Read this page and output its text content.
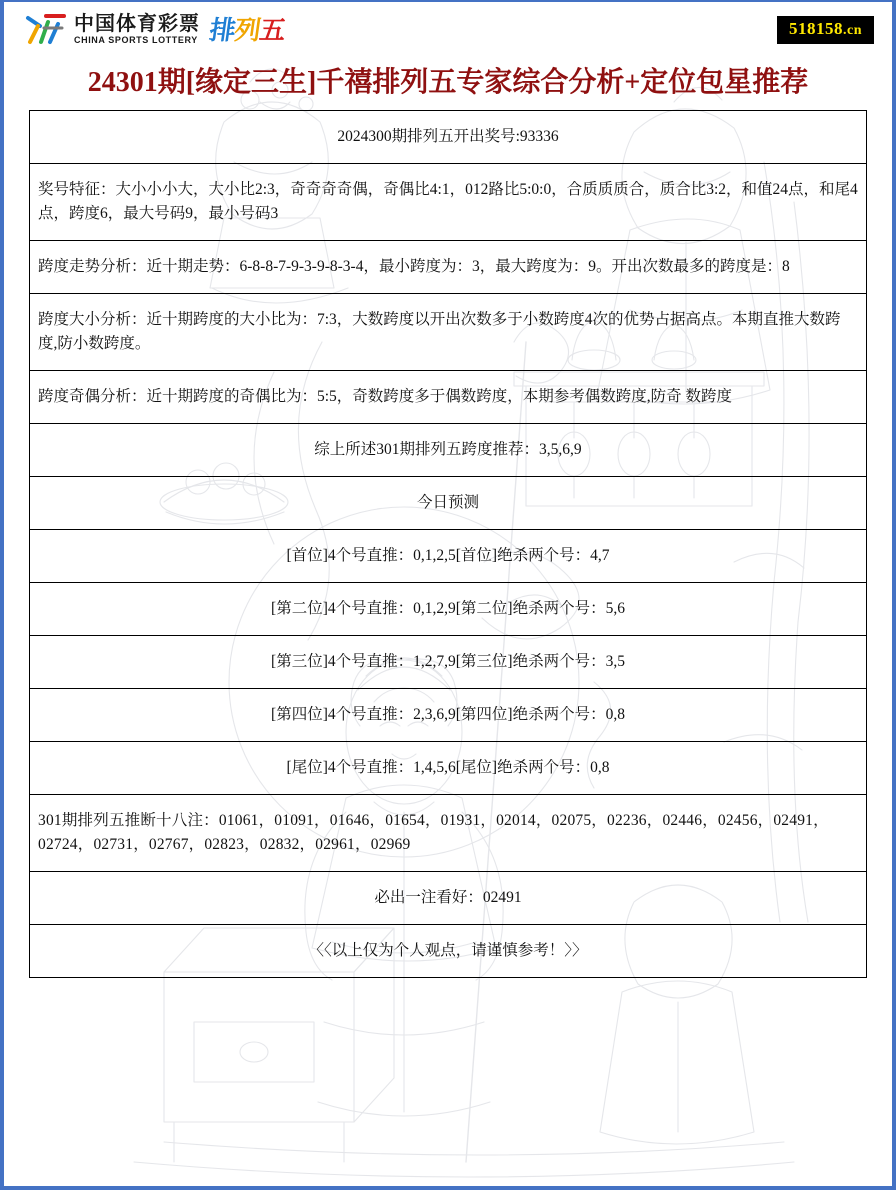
中国体育彩票
CHINA SPORTS LOTTERY 排列五	518158.cn
24301期[缘定三生]千禧排列五专家综合分析+定位包星推荐
2024300期排列五开出奖号:93336
奖号特征：大小小小大，大小比2:3，奇奇奇奇偶，奇偶比4:1，012路比5:0:0，合质质质合，质合比3:2，和值24点，和尾4点，跨度6，最大号码9，最小号码3
跨度走势分析：近十期走势：6-8-8-7-9-3-9-8-3-4，最小跨度为：3，最大跨度为：9。开出次数最多的跨度是：8
跨度大小分析：近十期跨度的大小比为：7:3，大数跨度以开出次数多于小数跨度4次的优势占据高点。本期直推大数跨度,防小数跨度。
跨度奇偶分析：近十期跨度的奇偶比为：5:5，奇数跨度多于偶数跨度，本期参考偶数跨度,防奇 数跨度
综上所述301期排列五跨度推荐：3,5,6,9
今日预测
[首位]4个号直推：0,1,2,5[首位]绝杀两个号：4,7
[第二位]4个号直推：0,1,2,9[第二位]绝杀两个号：5,6
[第三位]4个号直推：1,2,7,9[第三位]绝杀两个号：3,5
[第四位]4个号直推：2,3,6,9[第四位]绝杀两个号：0,8
[尾位]4个号直推：1,4,5,6[尾位]绝杀两个号：0,8
301期排列五推断十八注：01061，01091，01646，01654，01931，02014，02075，02236，02446，02456，02491，02724，02731，02767，02823，02832，02961，02969
必出一注看好：02491
〈〈以上仅为个人观点，请谨慎参考！〉〉
